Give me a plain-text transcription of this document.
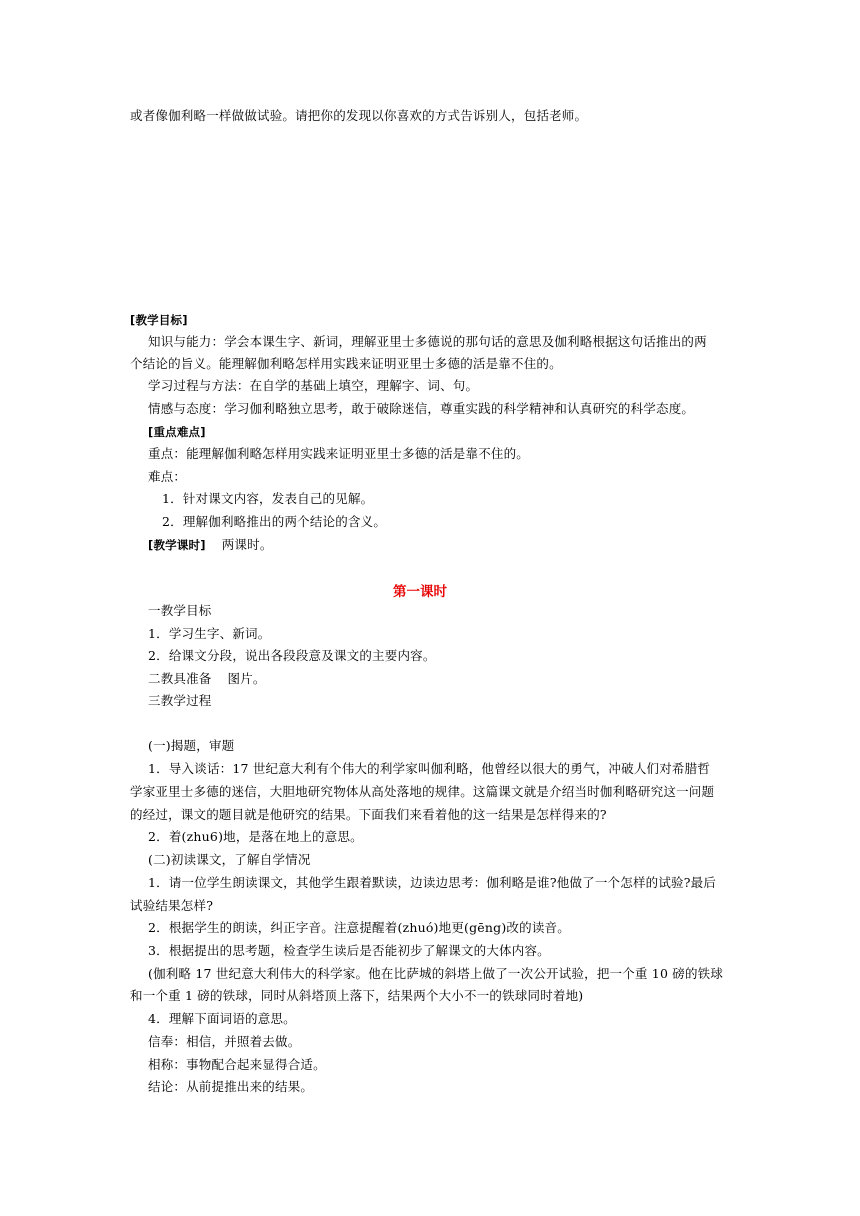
或者像伽利略一样做做试验。请把你的发现以你喜欢的方式告诉别人，包括老师。
[教学目标]
知识与能力：学会本课生字、新词，理解亚里士多德说的那句话的意思及伽利略根据这句话推出的两
个结论的旨义。能理解伽利略怎样用实践来证明亚里士多德的活是靠不住的。
学习过程与方法：在自学的基础上填空，理解字、词、句。
情感与态度：学习伽利略独立思考，敢于破除迷信，尊重实践的科学精神和认真研究的科学态度。
[重点难点]
重点：能理解伽利略怎样用实践来证明亚里士多德的活是靠不住的。
难点：
1．针对课文内容，发表自己的见解。
2．理解伽利略推出的两个结论的含义。
[教学课时] 两课时。
第一课时
一教学目标
1．学习生字、新词。
2．给课文分段，说出各段段意及课文的主要内容。
二教具准备 图片。
三教学过程
(一)揭题，审题
1．导入谈话：17 世纪意大利有个伟大的利学家叫伽利略，他曾经以很大的勇气，冲破人们对希腊哲
学家亚里士多德的迷信，大胆地研究物体从高处落地的规律。这篇课文就是介绍当时伽利略研究这一问题
的经过，课文的题目就是他研究的结果。下面我们来看着他的这一结果是怎样得来的?
2．着(zhu6)地，是落在地上的意思。
(二)初读课文，了解自学情况
1．请一位学生朗读课文，其他学生跟着默读，边读边思考：伽利略是谁?他做了一个怎样的试验?最后
试验结果怎样?
2．根据学生的朗读，纠正字音。注意提醒着(zhuó)地更(gēng)改的读音。
3．根据提出的思考题，检查学生读后是否能初步了解课文的大体内容。
(伽利略 17 世纪意大利伟大的科学家。他在比萨城的斜塔上做了一次公开试验，把一个重 10 磅的铁球
和一个重 1 磅的铁球，同时从斜塔顶上落下，结果两个大小不一的铁球同时着地)
4．理解下面词语的意思。
信奉：相信，并照着去做。
相称：事物配合起来显得合适。
结论：从前提推出来的结果。
